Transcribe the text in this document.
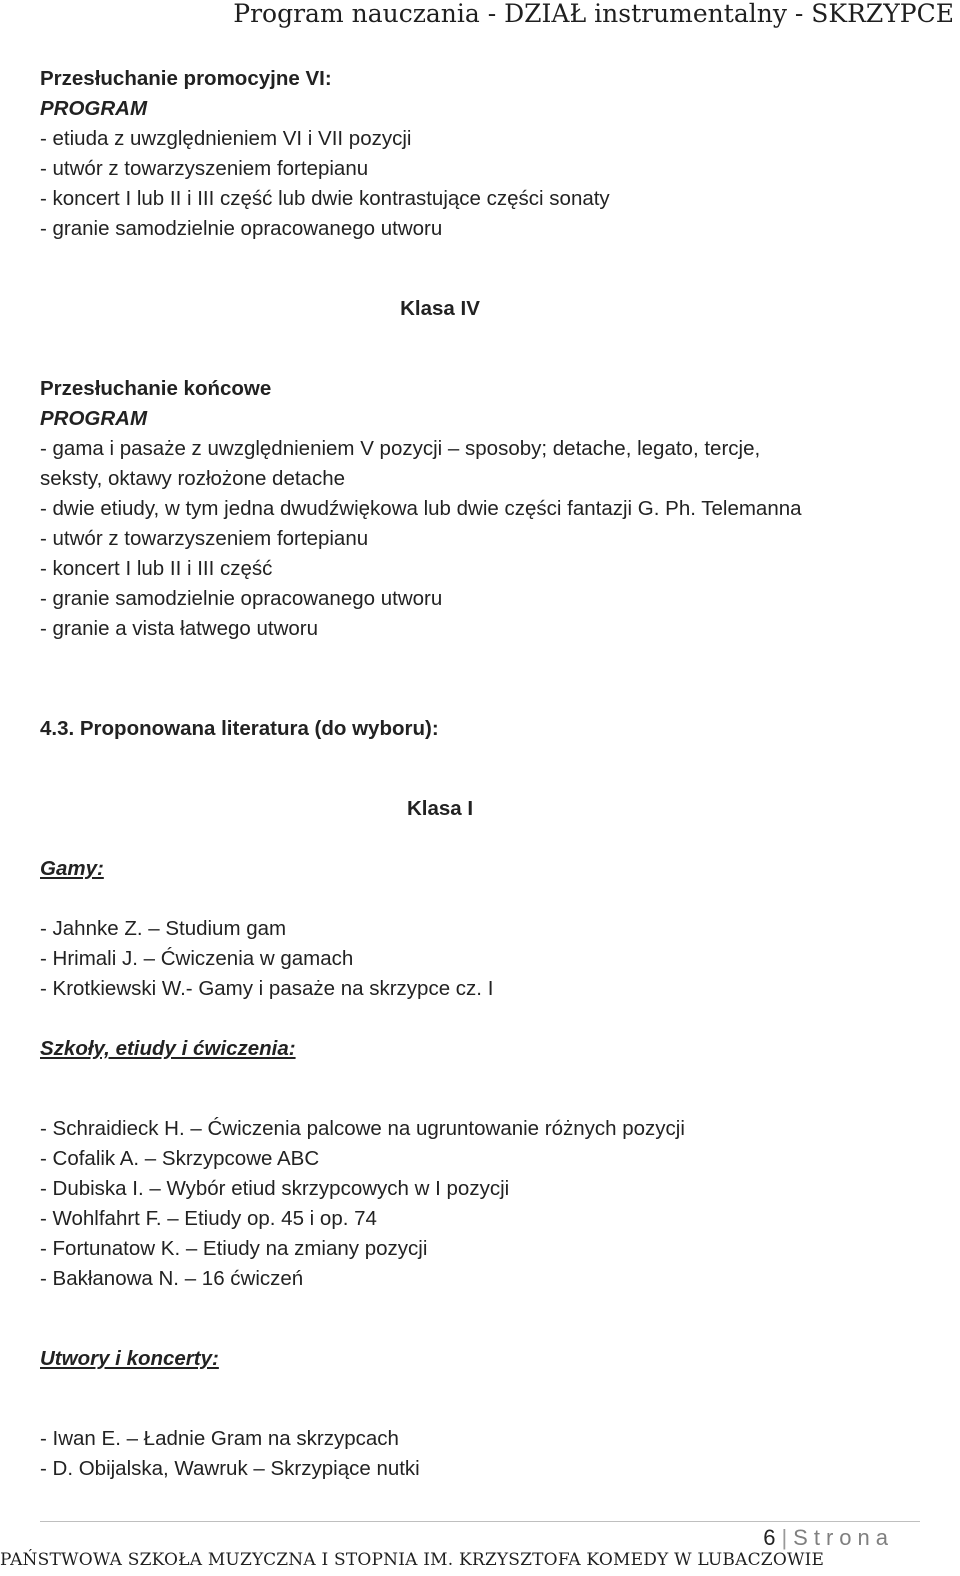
Program nauczania - DZIAŁ instrumentalny - SKRZYPCE
Przesłuchanie promocyjne VI:
PROGRAM
- etiuda z uwzględnieniem VI i VII pozycji
- utwór z towarzyszeniem fortepianu
- koncert I lub II i III część lub dwie kontrastujące części sonaty
- granie samodzielnie opracowanego utworu
Klasa IV
Przesłuchanie końcowe
PROGRAM
- gama i pasaże z uwzględnieniem V pozycji – sposoby; detache, legato, tercje,
seksty, oktawy rozłożone detache
- dwie etiudy, w tym jedna dwudźwiękowa lub dwie części fantazji G. Ph. Telemanna
- utwór z towarzyszeniem fortepianu
- koncert I lub II i III część
- granie samodzielnie opracowanego utworu
- granie a vista łatwego utworu
4.3. Proponowana literatura (do wyboru):
Klasa I
Gamy:
- Jahnke Z. – Studium gam
- Hrimali J. – Ćwiczenia w gamach
- Krotkiewski W.- Gamy i pasaże na skrzypce cz. I
Szkoły, etiudy i ćwiczenia:
- Schraidieck H. – Ćwiczenia palcowe na ugruntowanie różnych pozycji
- Cofalik A. – Skrzypcowe ABC
- Dubiska I. – Wybór etiud skrzypcowych w I pozycji
- Wohlfahrt F. – Etiudy op. 45 i op. 74
- Fortunatow K. – Etiudy na zmiany pozycji
- Bakłanowa N. – 16 ćwiczeń
Utwory i koncerty:
- Iwan E. – Ładnie Gram na skrzypcach
- D. Obijalska, Wawruk – Skrzypiące nutki
6 | Strona
PAŃSTWOWA SZKOŁA MUZYCZNA I STOPNIA IM. KRZYSZTOFA KOMEDY W LUBACZOWIE
